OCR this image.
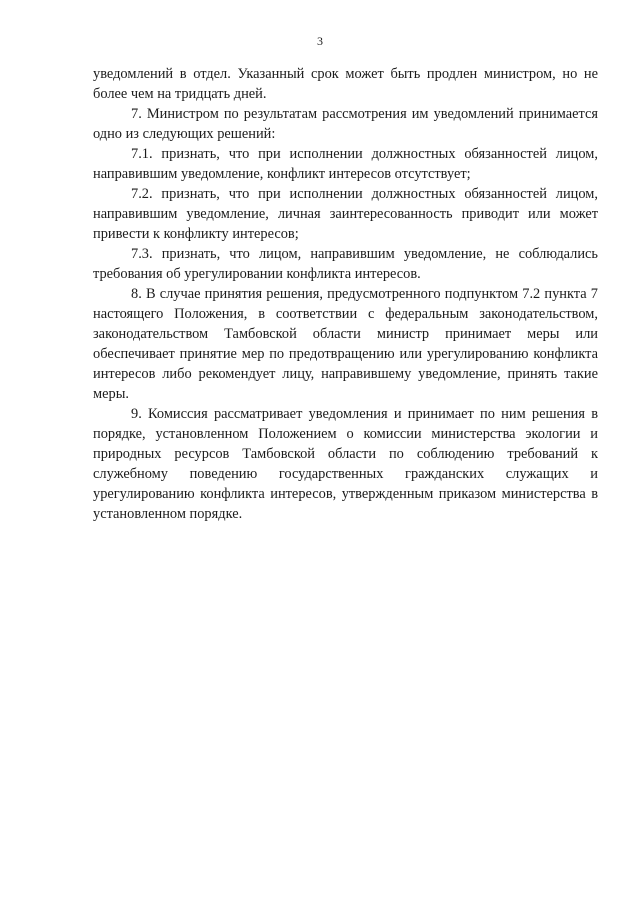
3

уведомлений в отдел. Указанный срок может быть продлен министром, но не более чем на тридцать дней.

7. Министром по результатам рассмотрения им уведомлений принимается одно из следующих решений:

7.1. признать, что при исполнении должностных обязанностей лицом, направившим уведомление, конфликт интересов отсутствует;

7.2. признать, что при исполнении должностных обязанностей лицом, направившим уведомление, личная заинтересованность приводит или может привести к конфликту интересов;

7.3. признать, что лицом, направившим уведомление, не соблюдались требования об урегулировании конфликта интересов.

8. В случае принятия решения, предусмотренного подпунктом 7.2 пункта 7 настоящего Положения, в соответствии с федеральным законодательством, законодательством Тамбовской области министр принимает меры или обеспечивает принятие мер по предотвращению или урегулированию конфликта интересов либо рекомендует лицу, направившему уведомление, принять такие меры.

9. Комиссия рассматривает уведомления и принимает по ним решения в порядке, установленном Положением о комиссии министерства экологии и природных ресурсов Тамбовской области по соблюдению требований к служебному поведению государственных гражданских служащих и урегулированию конфликта интересов, утвержденным приказом министерства в установленном порядке.
